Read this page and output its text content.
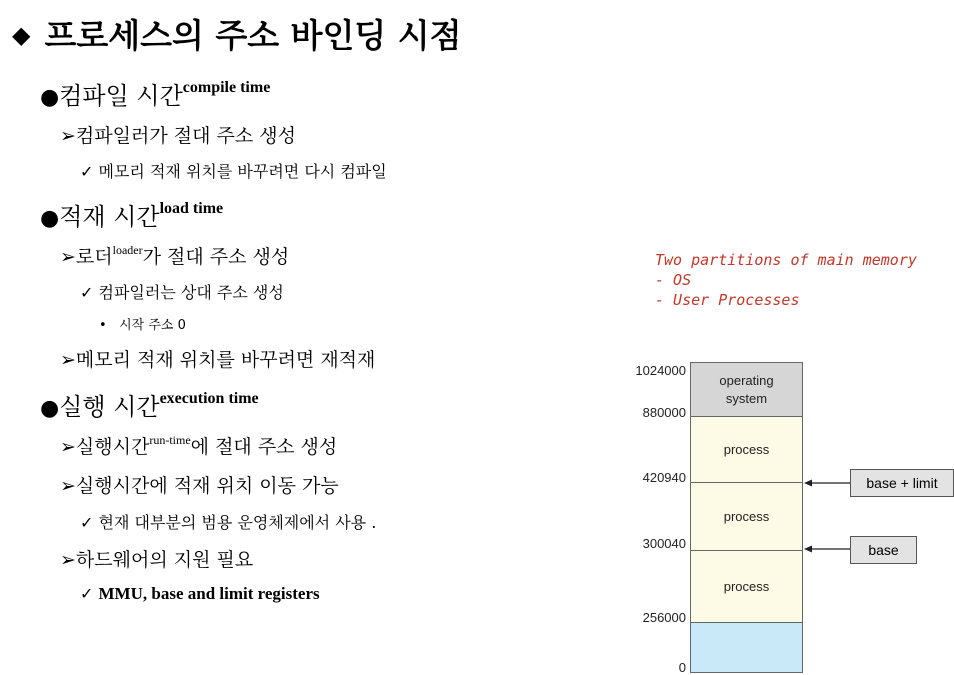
◆ 프로세스의 주소 바인딩 시점
●컴파일 시간$^{compile time}$
➢컴파일러가 절대 주소 생성
✓ 메모리 적재 위치를 바꾸려면 다시 컴파일
●적재 시간$^{load time}$
➢로더$^{loader}$가 절대 주소 생성
✓ 컴파일러는 상대 주소 생성
• 시작 주소 0
➢메모리 적재 위치를 바꾸려면 재적재
●실행 시간$^{execution time}$
➢실행시간$^{run-time}$에 절대 주소 생성
➢실행시간에 적재 위치 이동 가능
✓ 현재 대부분의 범용 운영체제에서 사용 .
➢하드웨어의 지원 필요
✓ MMU, base and limit registers
Two partitions of main memory
- OS
- User Processes
1024000
880000
420940
300040
256000
0
operating system
process
process
process
base + limit
base
